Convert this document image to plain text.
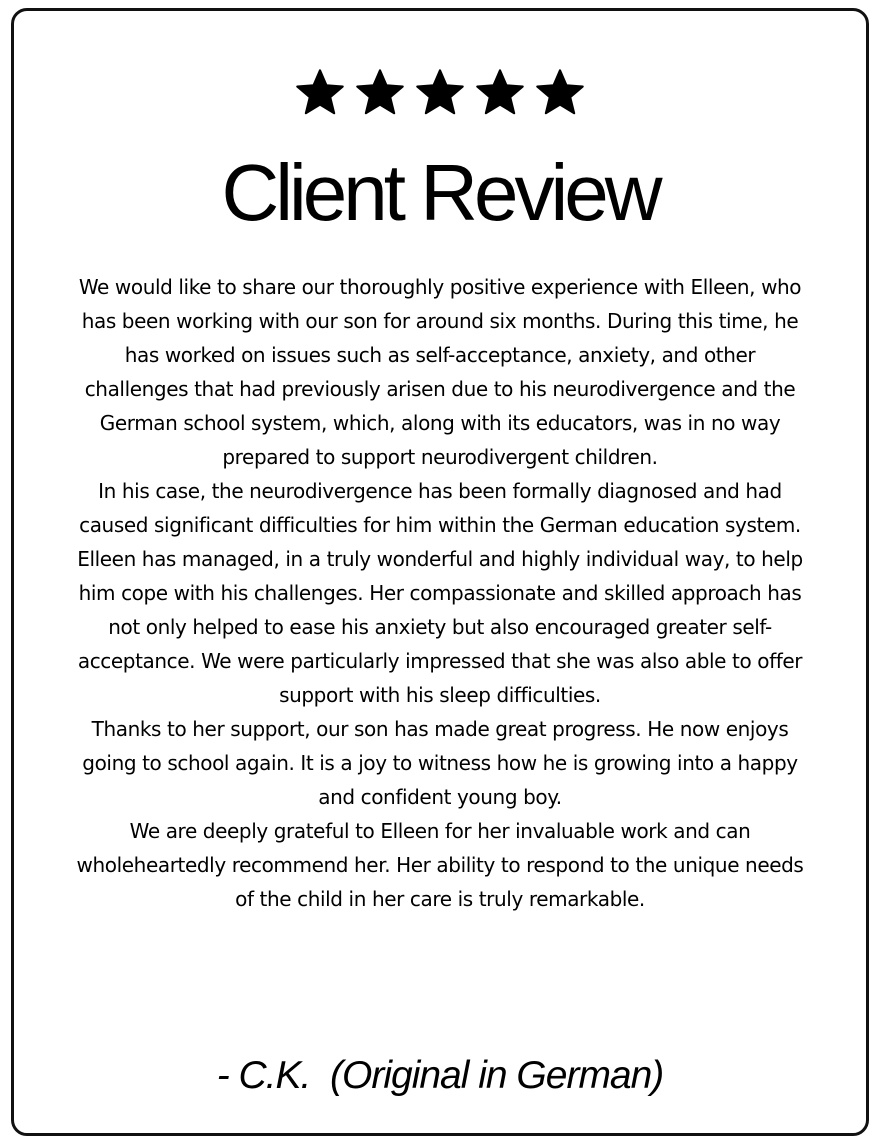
Client Review

We would like to share our thoroughly positive experience with Elleen, who has been working with our son for around six months. During this time, he has worked on issues such as self-acceptance, anxiety, and other challenges that had previously arisen due to his neurodivergence and the German school system, which, along with its educators, was in no way prepared to support neurodivergent children.

In his case, the neurodivergence has been formally diagnosed and had caused significant difficulties for him within the German education system.

Elleen has managed, in a truly wonderful and highly individual way, to help him cope with his challenges. Her compassionate and skilled approach has not only helped to ease his anxiety but also encouraged greater self-acceptance. We were particularly impressed that she was also able to offer support with his sleep difficulties.

Thanks to her support, our son has made great progress. He now enjoys going to school again. It is a joy to witness how he is growing into a happy and confident young boy.

We are deeply grateful to Elleen for her invaluable work and can wholeheartedly recommend her. Her ability to respond to the unique needs of the child in her care is truly remarkable.

- C.K.  (Original in German)
